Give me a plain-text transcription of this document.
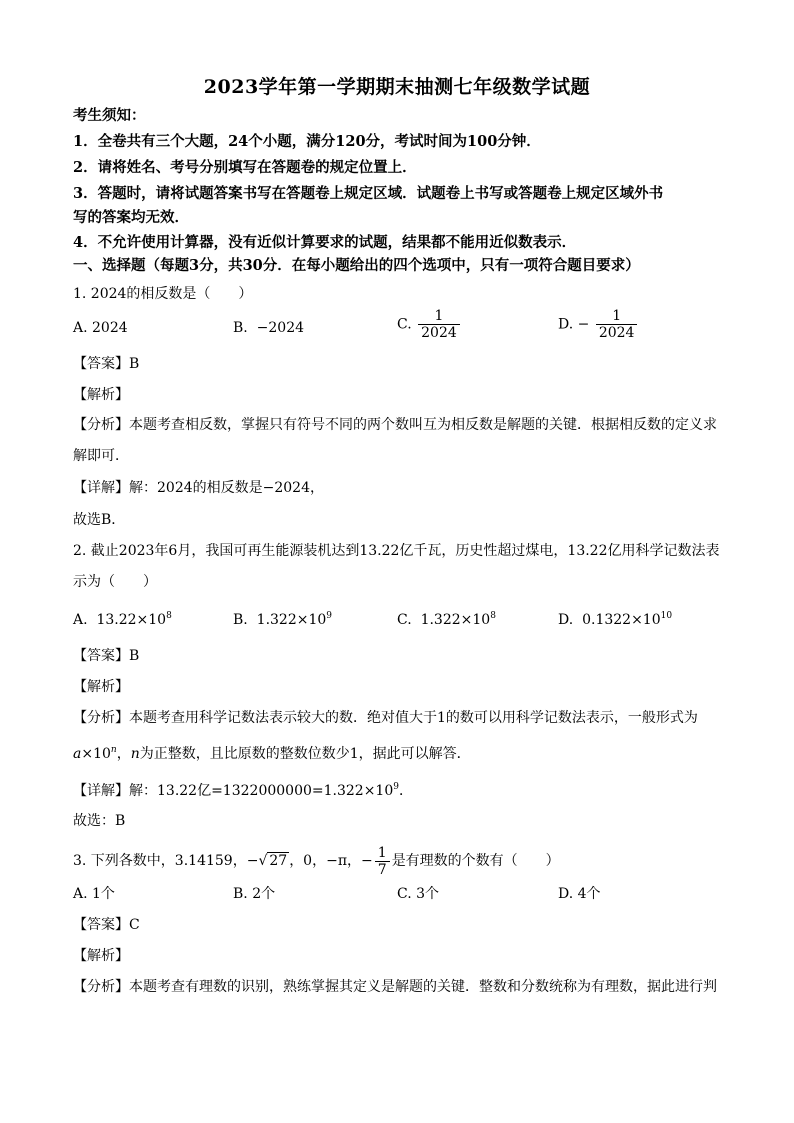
2023学年第一学期期末抽测七年级数学试题
考生须知：
1．全卷共有三个大题，24个小题，满分120分，考试时间为100分钟．
2．请将姓名、考号分别填写在答题卷的规定位置上．
3．答题时，请将试题答案书写在答题卷上规定区域．试题卷上书写或答题卷上规定区域外书
写的答案均无效．
4．不允许使用计算器，没有近似计算要求的试题，结果都不能用近似数表示．
一、选择题（每题3分，共30分．在每小题给出的四个选项中，只有一项符合题目要求）
1. 2024的相反数是（　　）
A. 2024	B. −2024	C. $\frac{1}{2024}$	D. − $\frac{1}{2024}$
【答案】B
【解析】
【分析】本题考查相反数，掌握只有符号不同的两个数叫互为相反数是解题的关键．根据相反数的定义求
解即可．
【详解】解：2024的相反数是−2024，
故选B．
2. 截止2023年6月，我国可再生能源装机达到13.22亿千瓦，历史性超过煤电，13.22亿用科学记数法表
示为（　　）
A. $13.22\times 10^8$	B. $1.322\times 10^9$	C. $1.322\times 10^8$	D. $0.1322\times 10^{10}$
【答案】B
【解析】
【分析】本题考查用科学记数法表示较大的数．绝对值大于1的数可以用科学记数法表示，一般形式为
$a\times 10^n$，n为正整数，且比原数的整数位数少1，据此可以解答．
【详解】解：13.22亿$=1322000000=1.322\times 10^9$．
故选：B
3. 下列各数中，3.14159，−√ 27 ，0，−π，− $\frac{1}{7}$ 是有理数的个数有（　　）
A. 1个	B. 2个	C. 3个	D. 4个
【答案】C
【解析】
【分析】本题考查有理数的识别，熟练掌握其定义是解题的关键．整数和分数统称为有理数，据此进行判
